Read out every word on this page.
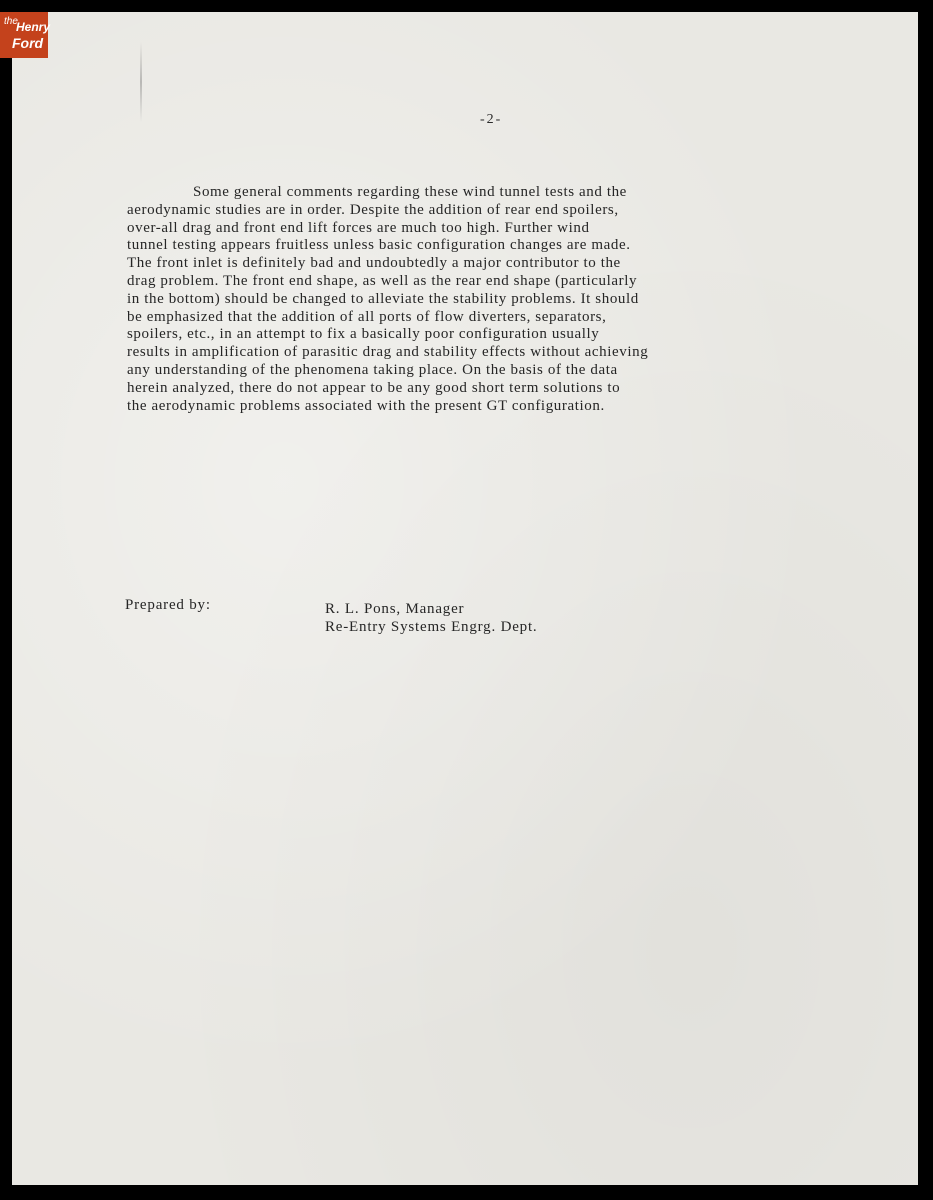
-2-

Some general comments regarding these wind tunnel tests and the
aerodynamic studies are in order. Despite the addition of rear end spoilers,
over-all drag and front end lift forces are much too high. Further wind
tunnel testing appears fruitless unless basic configuration changes are made.
The front inlet is definitely bad and undoubtedly a major contributor to the
drag problem. The front end shape, as well as the rear end shape (particularly
in the bottom) should be changed to alleviate the stability problems. It should
be emphasized that the addition of all ports of flow diverters, separators,
spoilers, etc., in an attempt to fix a basically poor configuration usually
results in amplification of parasitic drag and stability effects without achieving
any understanding of the phenomena taking place. On the basis of the data
herein analyzed, there do not appear to be any good short term solutions to
the aerodynamic problems associated with the present GT configuration.

Prepared by:	R. L. Pons, Manager
Re-Entry Systems Engrg. Dept.
the
Henry
Ford
